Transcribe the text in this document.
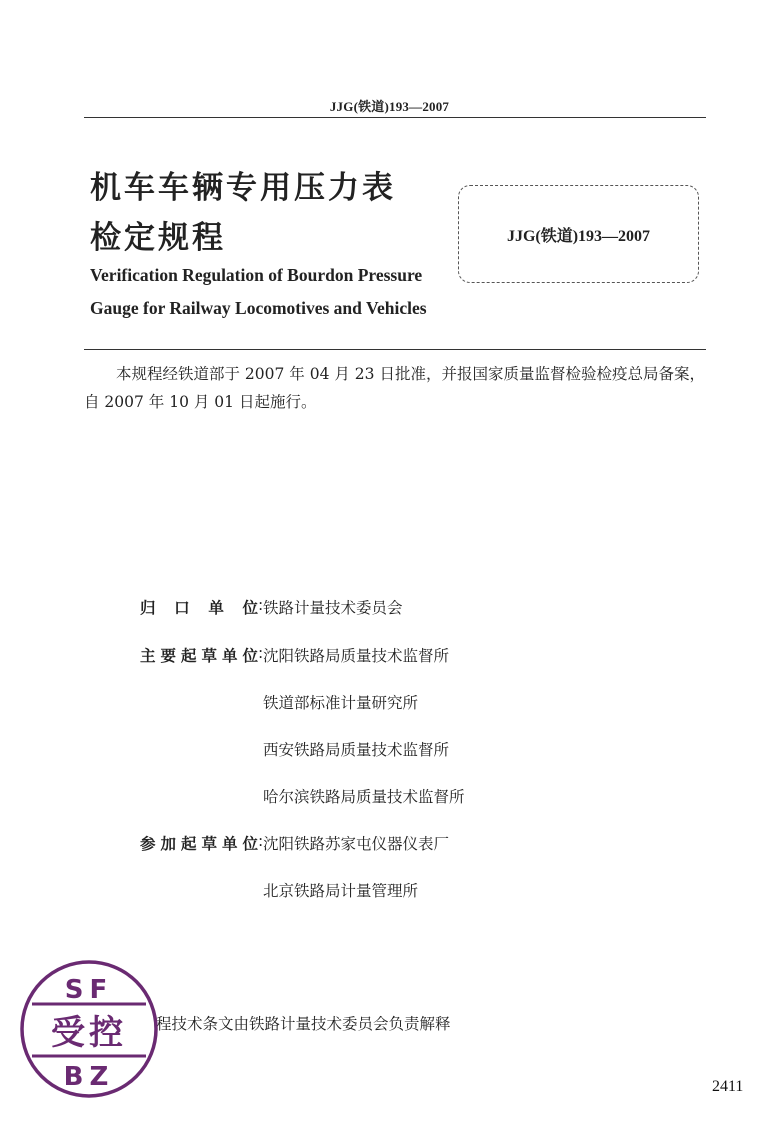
JJG(铁道)193—2007
机车车辆专用压力表
检定规程
Verification Regulation of Bourdon Pressure
Gauge for Railway Locomotives and Vehicles
JJG(铁道)193—2007
本规程经铁道部于 2007 年 04 月 23 日批准，并报国家质量监督检验检疫总局备案，自 2007 年 10 月 01 日起施行。
归口单位 : 铁路计量技术委员会
主要起草单位 : 沈阳铁路局质量技术监督所
铁道部标准计量研究所
西安铁路局质量技术监督所
哈尔滨铁路局质量技术监督所
参加起草单位 : 沈阳铁路苏家屯仪器仪表厂
北京铁路局计量管理所
程技术条文由铁路计量技术委员会负责解释
SF
受控
BZ	2411
